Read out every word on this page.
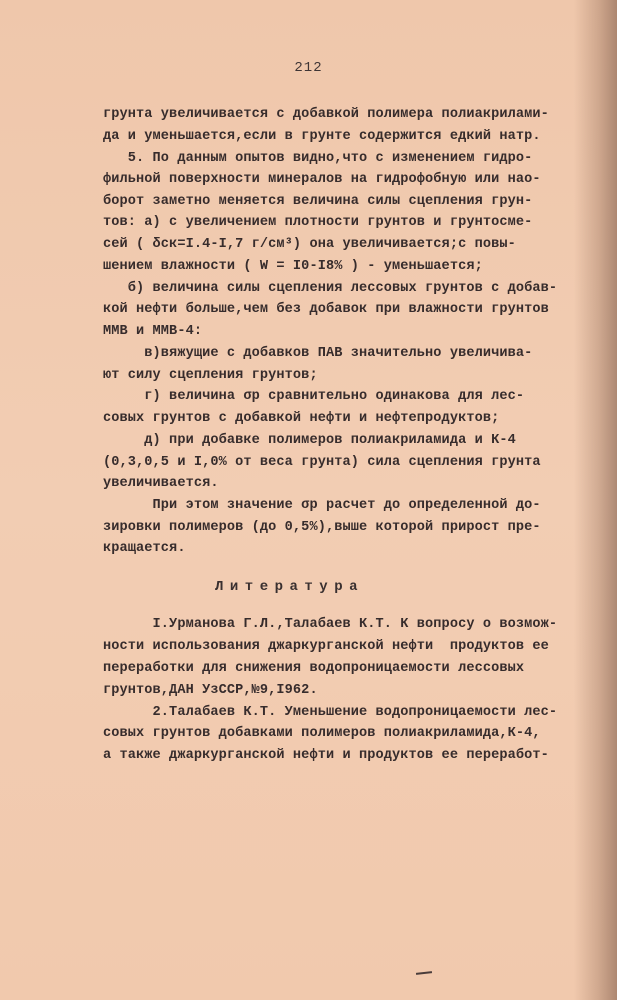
212
грунта увеличивается с добавкой полимера полиакрилами-
да и уменьшается,если в грунте содержится едкий натр.
5. По данным опытов видно,что с изменением гидро-
фильной поверхности минералов на гидрофобную или нао-
борот заметно меняется величина силы сцепления грун-
тов: а) с увеличением плотности грунтов и грунтосме-
сей ( δск=I.4-I,7 г/см³) она увеличивается;с повы-
шением влажности ( W = I0-I8% ) - уменьшается;
б) величина силы сцепления лессовых грунтов с добав-
кой нефти больше,чем без добавок при влажности грунтов
ММВ и ММВ-4:
в)вяжущие с добавков ПАВ значительно увеличива-
ют силу сцепления грунтов;
г) величина σр сравнительно одинакова для лес-
совых грунтов с добавкой нефти и нефтепродуктов;
д) при добавке полимеров полиакриламида и К-4
(0,3,0,5 и I,0% от веса грунта) сила сцепления грунта
увеличивается.
При этом значение σр расчет до определенной до-
зировки полимеров (до 0,5%),выше которой прирост пре-
кращается.
Литература
I.Урманова Г.Л.,Талабаев К.Т. К вопросу о возмож-
ности использования джаркурганской нефти  продуктов ее
переработки для снижения водопроницаемости лессовых
грунтов,ДАН УзССР,№9,I962.
2.Талабаев К.Т. Уменьшение водопроницаемости лес-
совых грунтов добавками полимеров полиакриламида,К-4,
а также джаркурганской нефти и продуктов ее переработ-
